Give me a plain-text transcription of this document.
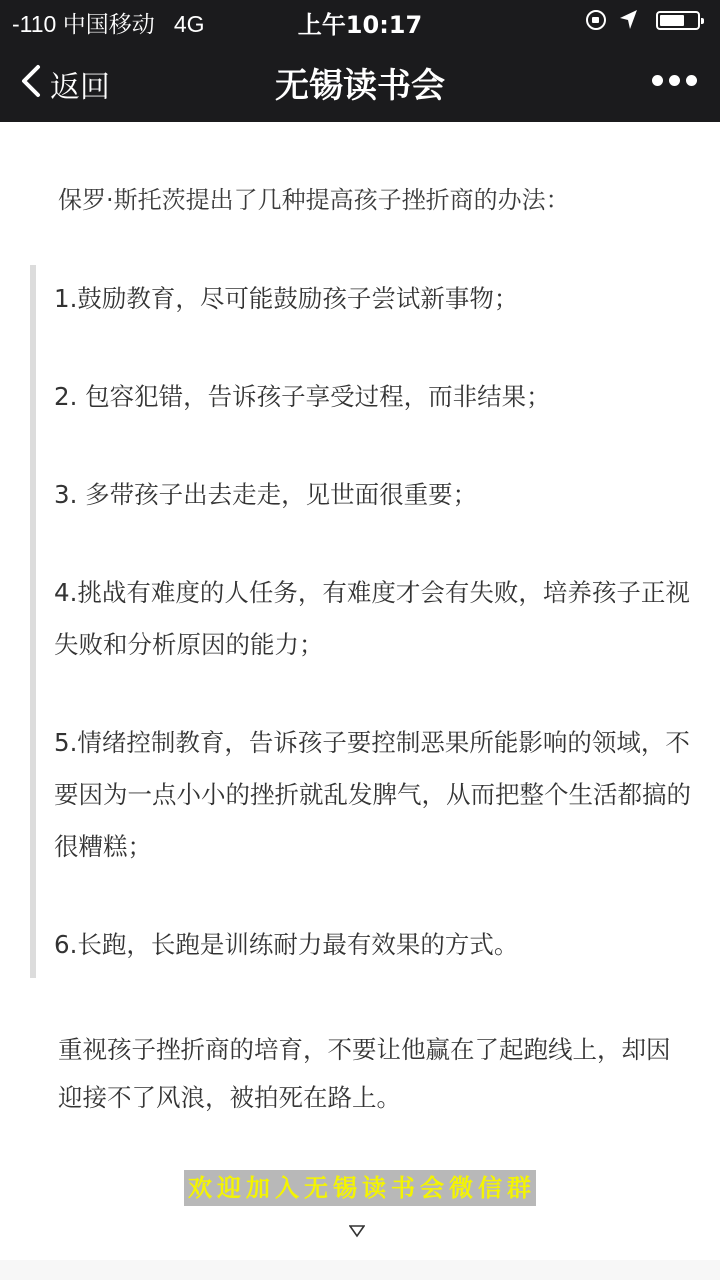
-110 中国移动 4G	上午10:17
返回	无锡读书会
保罗·斯托茨提出了几种提高孩子挫折商的办法：
1.鼓励教育，尽可能鼓励孩子尝试新事物；
2. 包容犯错，告诉孩子享受过程，而非结果；
3. 多带孩子出去走走，见世面很重要；
4.挑战有难度的人任务，有难度才会有失败，培养孩子正视失败和分析原因的能力；
5.情绪控制教育，告诉孩子要控制恶果所能影响的领域，不要因为一点小小的挫折就乱发脾气，从而把整个生活都搞的很糟糕；
6.长跑，长跑是训练耐力最有效果的方式。
重视孩子挫折商的培育，不要让他赢在了起跑线上，却因迎接不了风浪，被拍死在路上。
欢迎加入无锡读书会微信群
